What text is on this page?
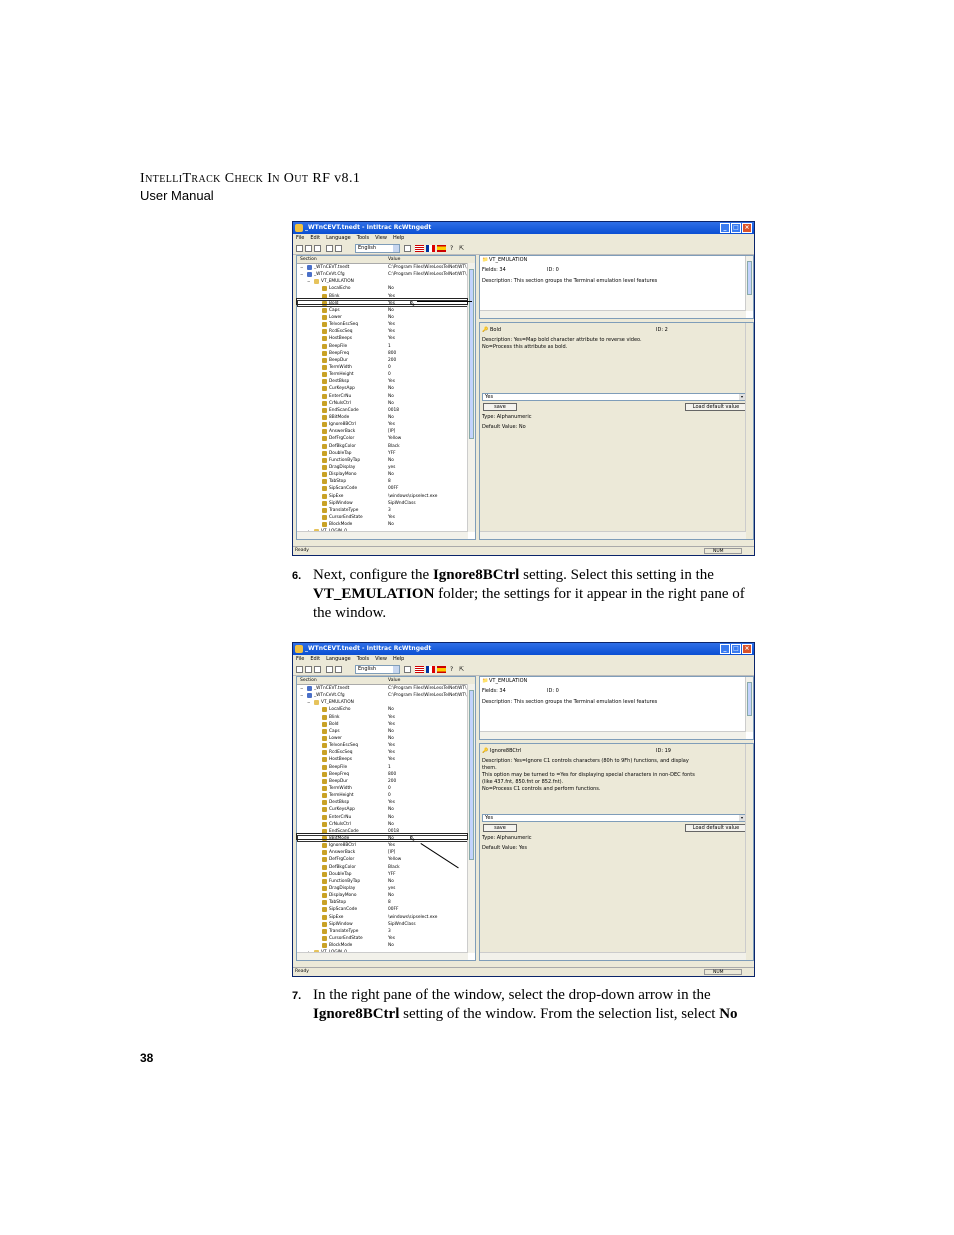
IntelliTrack Check In Out RF v8.1
User Manual
_WTnCEVT.tnedt - IntItrac RcWtngedt	_	□ ×
File Edit Language Tools View Help
English	? ⇱
Section	Value
− _WTnCEVT.tnedt	C:\Program Files\WireLessTelNet\WT\
− _WTnCeVt.Cfg	C:\Program Files\WireLessTelNet\WT\
− VT_EMULATION
LocalEcho	No
Blink	Yes
Bold	Yes
Caps	No
Lower	No
TelvonEscSeq	Yes
RcdEscSeq	Yes
HostBeeps	Yes
BeepFile	1
BeepFreq	800
BeepDur	200
TermWidth	0
TermHeight	0
DestBksp	Yes
CurKeysApp	No
EnterCrNu	No
CrNulsCtrl	No
EndScanCode	0018
8BitMode	No
Ignore8BCtrl	Yes
AnswerBack	[IP]
DefFrgColor	Yellow
DefBkgColor	Black
DoubleTap	YFF
FunctionByTap	No
DragDisplay	yes
DisplayMono	No
TabStop	8
SipScanCode	00FF
SipExe	\windows\sipselect.exe
SipWindow	SipWndClass
TranslateType	3
CursorEndState	Yes
BlockMode	No
📁 VT_EMULATION
Fields: 34	ID: 0
Description: This section groups the Terminal emulation level features
🔑 Bold	ID: 2
Description: Yes=Map bold character attribute to reverse video.
No=Process this attribute as bold.
Yes	▾
save	Load default value
Type: Alphanumeric
Default Value: No
Ready	NUM
⇖
6. Next, configure the Ignore8BCtrl setting. Select this setting in the VT_EMULATION folder; the settings for it appear in the right pane of the window.
_WTnCEVT.tnedt - IntItrac RcWtngedt	_	□ ×
File Edit Language Tools View Help
English	? ⇱
Section	Value
− _WTnCEVT.tnedt	C:\Program Files\WireLessTelNet\WT\
− _WTnCeVt.Cfg	C:\Program Files\WireLessTelNet\WT\
− VT_EMULATION
LocalEcho	No
Blink	Yes
Bold	Yes
Caps	No
Lower	No
TelvonEscSeq	Yes
RcdEscSeq	Yes
HostBeeps	Yes
BeepFile	1
BeepFreq	800
BeepDur	200
TermWidth	0
TermHeight	0
DestBksp	Yes
CurKeysApp	No
EnterCrNu	No
CrNulsCtrl	No
EndScanCode	0018
8BitMode	No
Ignore8BCtrl	Yes
AnswerBack	[IP]
DefFrgColor	Yellow
DefBkgColor	Black
DoubleTap	YFF
FunctionByTap	No
DragDisplay	yes
DisplayMono	No
TabStop	8
SipScanCode	00FF
SipExe	\windows\sipselect.exe
SipWindow	SipWndClass
TranslateType	3
CursorEndState	Yes
BlockMode	No
📁 VT_EMULATION
Fields: 34	ID: 0
Description: This section groups the Terminal emulation level features
🔑 Ignore8BCtrl	ID: 19
Description: Yes=Ignore C1 controls characters (80h to 9Fh) functions, and display
them.
This option may be turned to =Yes for displaying special characters in non-DEC fonts
(like 437.fnt, 850.fnt or 852.fnt).
No=Process C1 controls and perform functions.
Yes	▾
save	Load default value
Type: Alphanumeric
Default Value: Yes
Ready	NUM
⇖
7. In the right pane of the window, select the drop-down arrow in the Ignore8BCtrl setting of the window. From the selection list, select No
38
